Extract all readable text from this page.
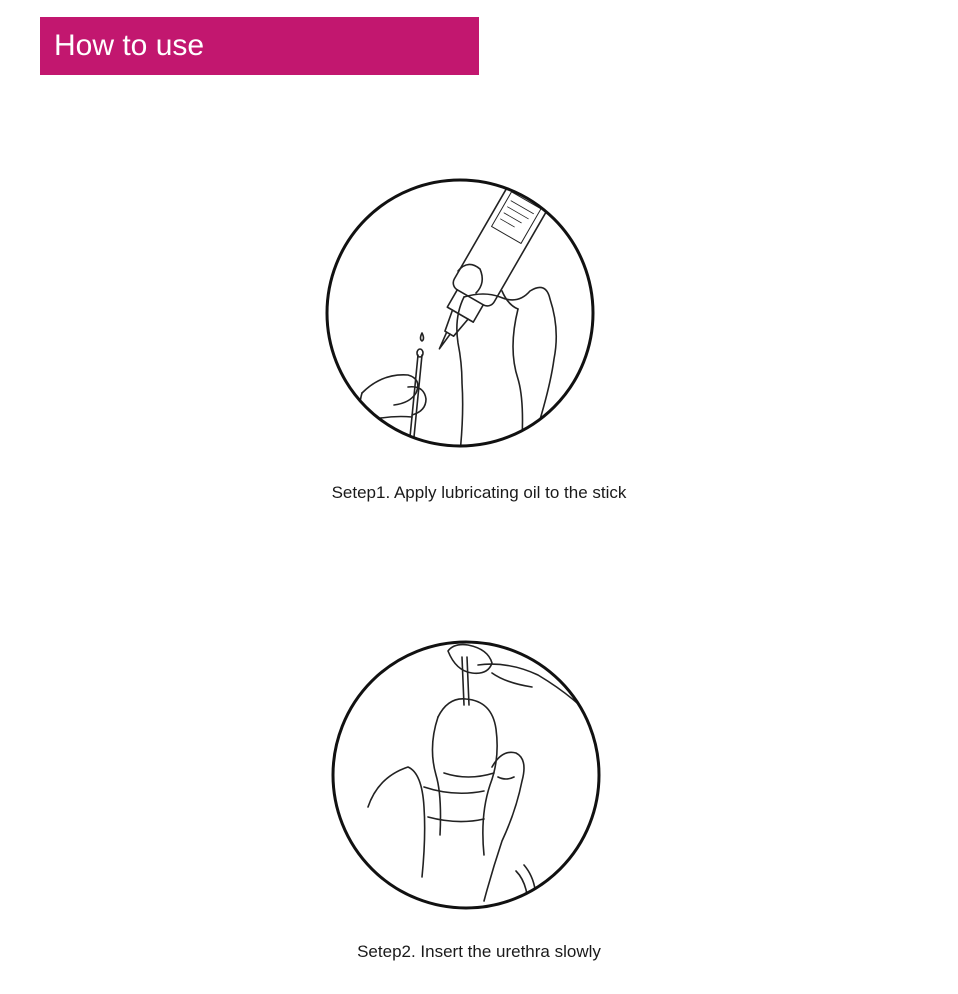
How to use
Setep1. Apply lubricating oil to the stick
Setep2. Insert the urethra slowly
